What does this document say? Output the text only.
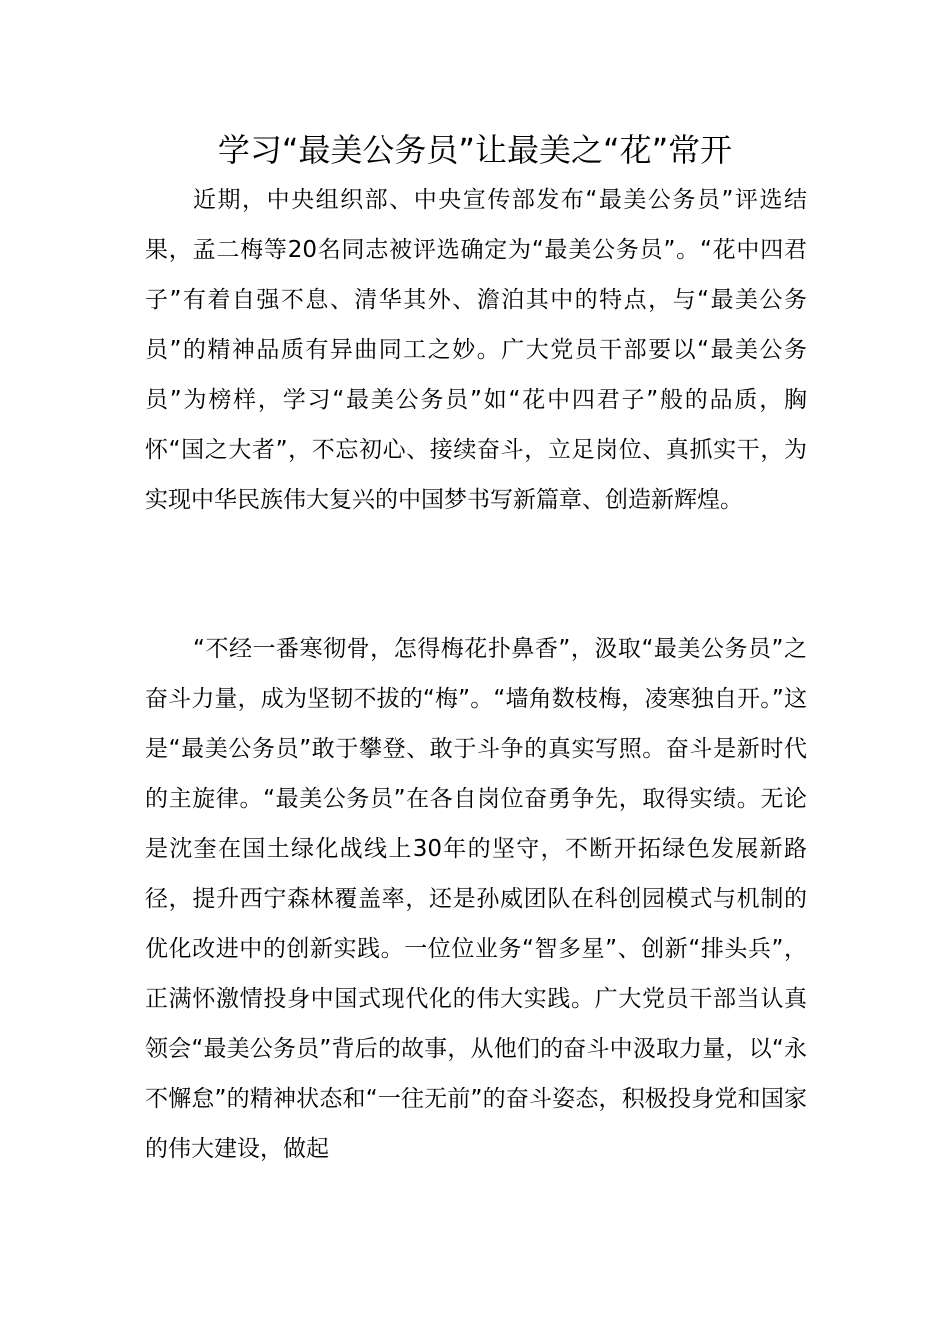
学习“最美公务员”让最美之“花”常开

近期，中央组织部、中央宣传部发布“最美公务员”评选结果，孟二梅等20名同志被评选确定为“最美公务员”。“花中四君子”有着自强不息、清华其外、澹泊其中的特点，与“最美公务员”的精神品质有异曲同工之妙。广大党员干部要以“最美公务员”为榜样，学习“最美公务员”如“花中四君子”般的品质，胸怀“国之大者”，不忘初心、接续奋斗，立足岗位、真抓实干，为实现中华民族伟大复兴的中国梦书写新篇章、创造新辉煌。

“不经一番寒彻骨，怎得梅花扑鼻香”，汲取“最美公务员”之奋斗力量，成为坚韧不拔的“梅”。“墙角数枝梅，凌寒独自开。”这是“最美公务员”敢于攀登、敢于斗争的真实写照。奋斗是新时代的主旋律。“最美公务员”在各自岗位奋勇争先，取得实绩。无论是沈奎在国土绿化战线上30年的坚守，不断开拓绿色发展新路径，提升西宁森林覆盖率，还是孙威团队在科创园模式与机制的优化改进中的创新实践。一位位业务“智多星”、创新“排头兵”，正满怀激情投身中国式现代化的伟大实践。广大党员干部当认真领会“最美公务员”背后的故事，从他们的奋斗中汲取力量，以“永不懈怠”的精神状态和“一往无前”的奋斗姿态，积极投身党和国家的伟大建设，做起
